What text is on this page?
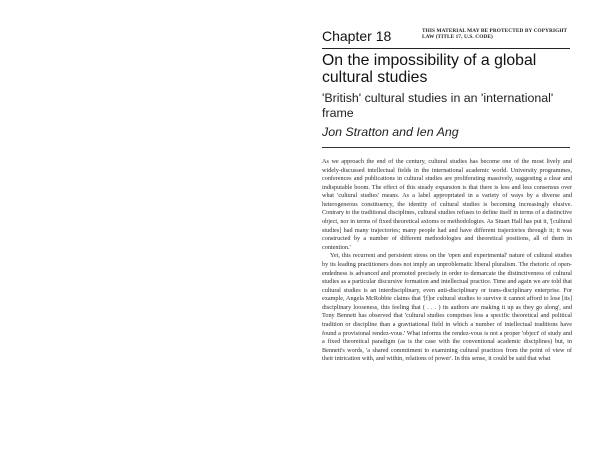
Chapter 18	THIS MATERIAL MAY BE PROTECTED BY COPYRIGHT LAW (TITLE 17, U.S. CODE)
On the impossibility of a global cultural studies
'British' cultural studies in an 'international' frame
Jon Stratton and Ien Ang

As we approach the end of the century, cultural studies has become one of the most lively and widely-discussed intellectual fields in the international academic world. University programmes, conferences and publications in cultural studies are proliferating massively, suggesting a clear and indisputable boom. The effect of this steady expansion is that there is less and less consensus over what 'cultural studies' means. As a label appropriated in a variety of ways by a diverse and heterogeneous constituency, the identity of cultural studies is becoming increasingly elusive. Contrary to the traditional disciplines, cultural studies refuses to define itself in terms of a distinctive object, nor in terms of fixed theoretical axioms or methodologies. As Stuart Hall has put it, '[cultural studies] had many trajectories; many people had and have different trajectories through it; it was constructed by a number of different methodologies and theoretical positions, all of them in contention.'

Yet, this recurrent and persistent stress on the 'open and experimental' nature of cultural studies by its leading practitioners does not imply an unproblematic liberal pluralism. The rhetoric of open-endedness is advanced and promoted precisely in order to demarcate the distinctiveness of cultural studies as a particular discursive formation and intellectual practice. Time and again we are told that cultural studies is an interdisciplinary, even anti-disciplinary or trans-disciplinary enterprise. For example, Angela McRobbie claims that '[f]or cultural studies to survive it cannot afford to lose [its] disciplinary looseness, this feeling that ( . . . ) its authors are making it up as they go along', and Tony Bennett has observed that 'cultural studies comprises less a specific theoretical and political tradition or discipline than a gravitational field in which a number of intellectual traditions have found a provisional rendez-vous.' What informs the rendez-vous is not a proper 'object' of study and a fixed theoretical paradigm (as is the case with the conventional academic disciplines) but, in Bennett's words, 'a shared commitment to examining cultural practices from the point of view of their intrication with, and within, relations of power'. In this sense, it could be said that what
